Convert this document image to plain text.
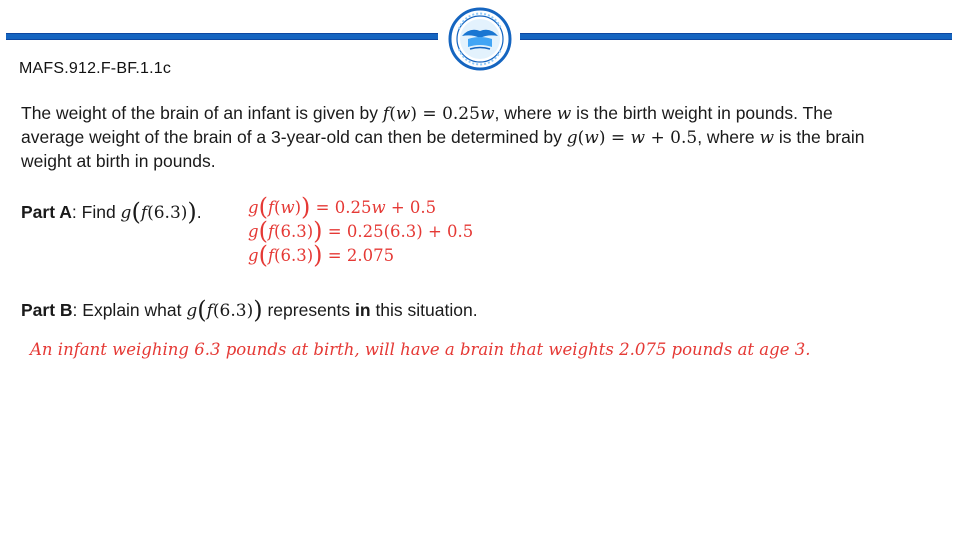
MAFS.912.F-BF.1.1c
The weight of the brain of an infant is given by f(w) = 0.25w, where w is the birth weight in pounds. The
average weight of the brain of a 3-year-old can then be determined by g(w) = w + 0.5, where w is the brain
weight at birth in pounds.
Part A: Find g(f(6.3)).	g(f(w)) = 0.25w + 0.5
g(f(6.3)) = 0.25(6.3) + 0.5
g(f(6.3)) = 2.075
Part B: Explain what g(f(6.3)) represents in this situation.
An infant weighing 6.3 pounds at birth, will have a brain that weights 2.075 pounds at age 3.
